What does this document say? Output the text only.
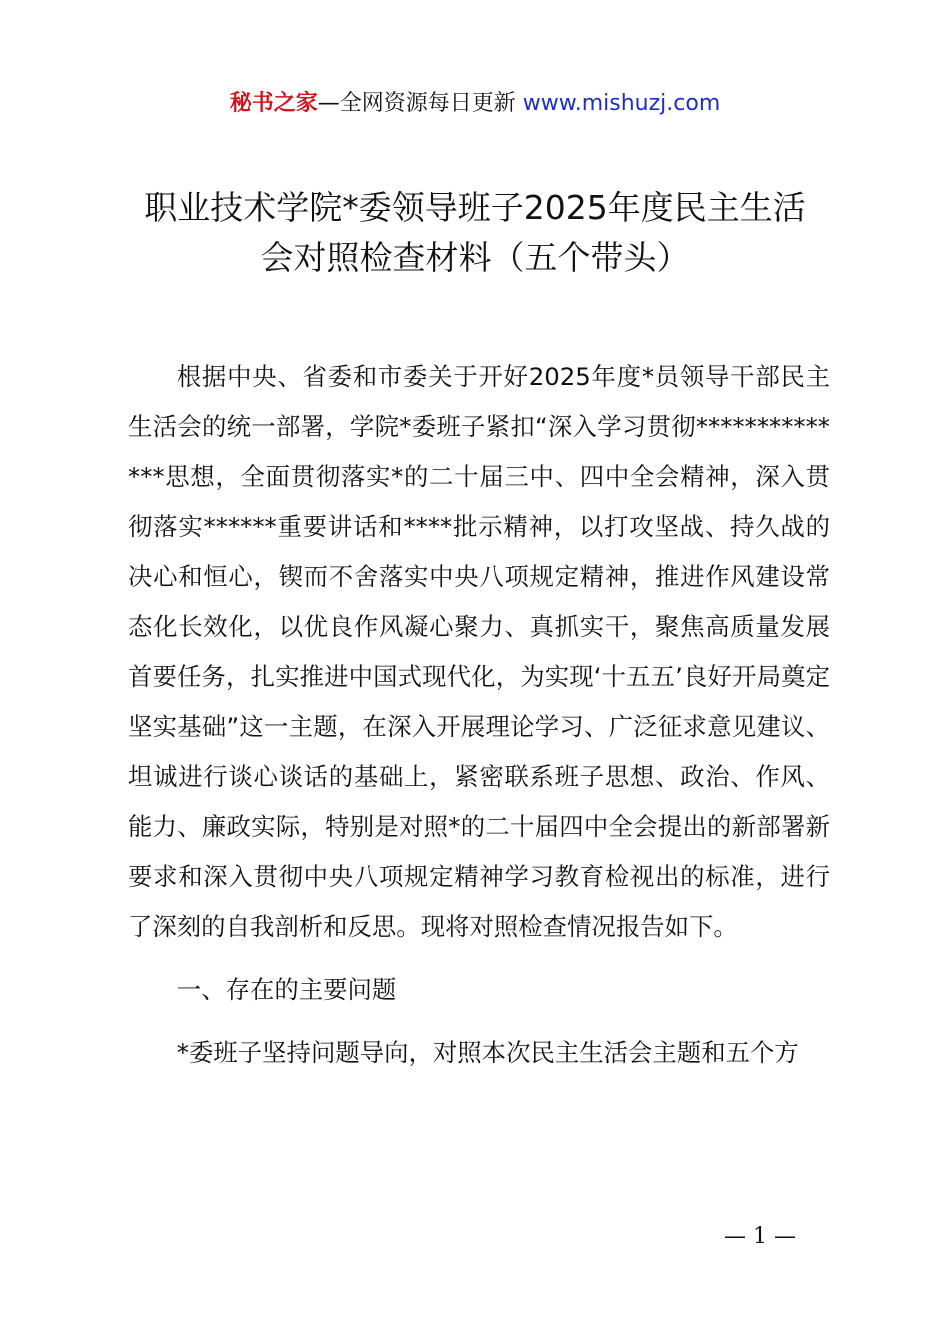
秘书之家—全网资源每日更新 www.mishuzj.com
职业技术学院*委领导班子2025年度民主生活
会对照检查材料（五个带头）

根据中央、省委和市委关于开好2025年度*员领导干部民主生活会的统一部署，学院*委班子紧扣“深入学习贯彻**************思想，全面贯彻落实*的二十届三中、四中全会精神，深入贯彻落实******重要讲话和****批示精神，以打攻坚战、持久战的决心和恒心，锲而不舍落实中央八项规定精神，推进作风建设常态化长效化，以优良作风凝心聚力、真抓实干，聚焦高质量发展首要任务，扎实推进中国式现代化，为实现‘十五五’良好开局奠定坚实基础”这一主题，在深入开展理论学习、广泛征求意见建议、坦诚进行谈心谈话的基础上，紧密联系班子思想、政治、作风、能力、廉政实际，特别是对照*的二十届四中全会提出的新部署新要求和深入贯彻中央八项规定精神学习教育检视出的标准，进行了深刻的自我剖析和反思。现将对照检查情况报告如下。

一、存在的主要问题

*委班子坚持问题导向，对照本次民主生活会主题和五个方

— 1 —
